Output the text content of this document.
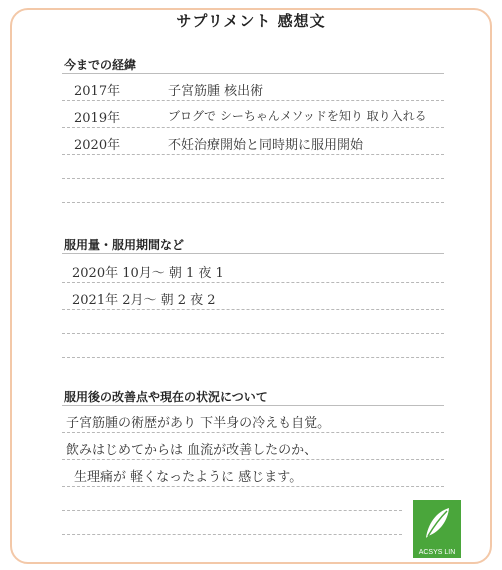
サプリメント 感想文
今までの経緯
2017年	子宮筋腫 核出術
2019年	ブログで シーちゃんメソッドを知り 取り入れる
2020年	不妊治療開始と同時期に服用開始
服用量・服用期間など
2020年 10月～ 朝 1 夜 1
2021年 2月～ 朝 2 夜 2
服用後の改善点や現在の状況について
子宮筋腫の術歴があり 下半身の冷えも自覚。
飲みはじめてからは 血流が改善したのか、
生理痛が 軽くなったように 感じます。
ACSYS LIN
